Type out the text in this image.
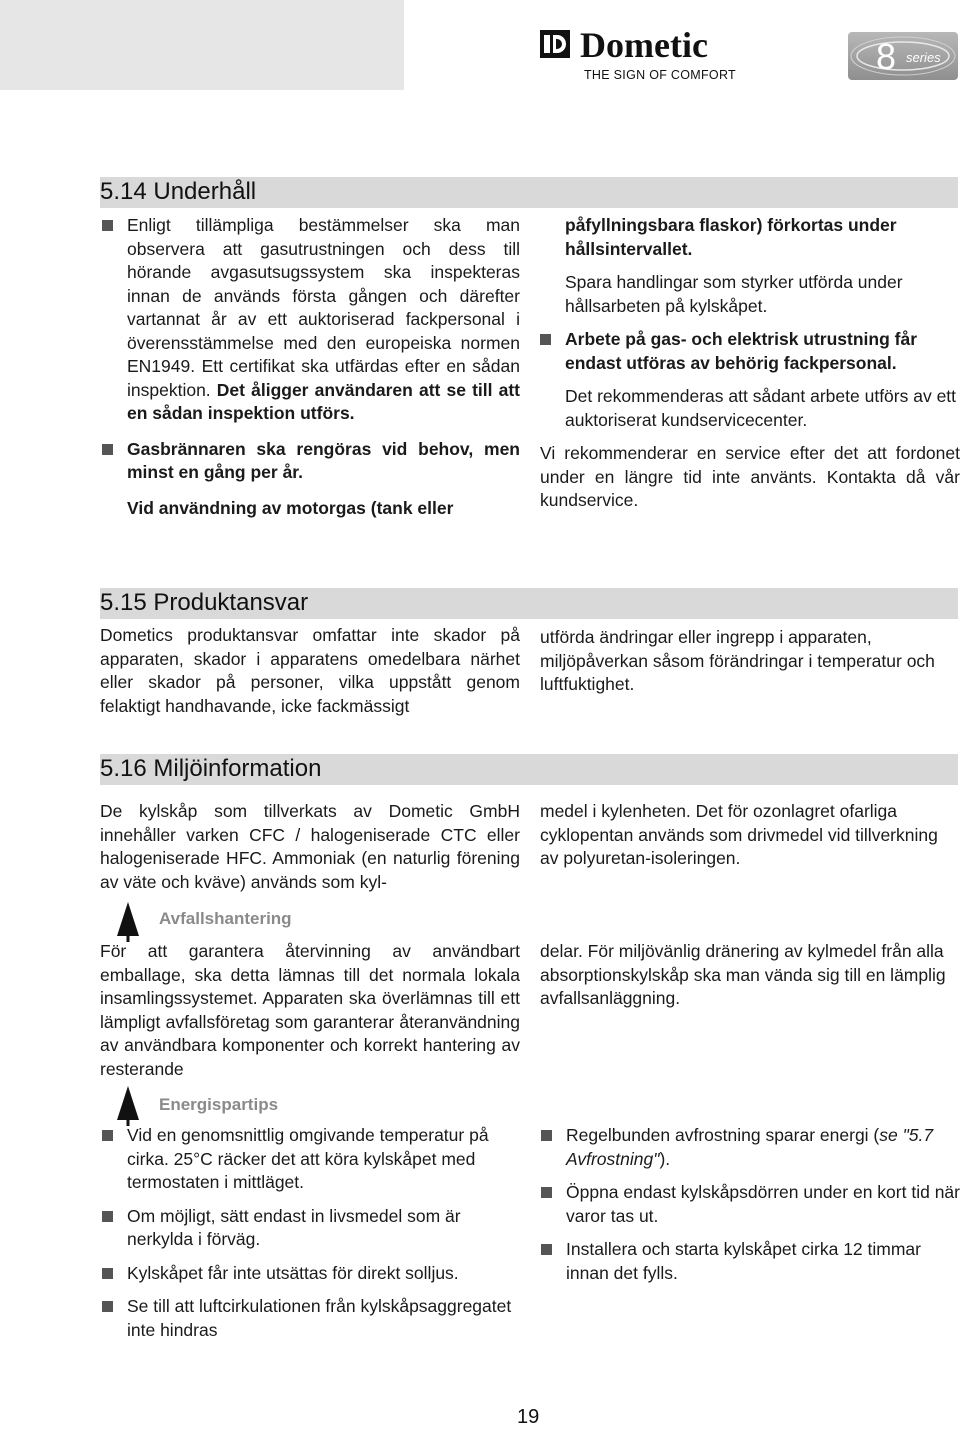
Dometic
THE SIGN OF COMFORT	8 series
5.14 Underhåll
Enligt tillämpliga bestämmelser ska man observera att gasutrustningen och dess till hörande avgasutsugssystem ska inspekteras innan de används första gången och därefter vartannat år av ett auktoriserad fackpersonal i överensstämmelse med den europeiska normen EN1949. Ett certifikat ska utfärdas efter en sådan inspektion. Det åligger användaren att se till att en sådan inspektion utförs.
Gasbrännaren ska rengöras vid behov, men minst en gång per år.
Vid användning av motorgas (tank eller
påfyllningsbara flaskor) förkortas under hållsintervallet.
Spara handlingar som styrker utförda under hållsarbeten på kylskåpet.
Arbete på gas- och elektrisk utrustning får endast utföras av behörig fackpersonal.
Det rekommenderas att sådant arbete utförs av ett auktoriserat kundservicecenter.
Vi rekommenderar en service efter det att fordonet under en längre tid inte använts. Kontakta då vår kundservice.
5.15 Produktansvar

Dometics produktansvar omfattar inte skador på apparaten, skador i apparatens omedelbara närhet eller skador på personer, vilka uppstått genom felaktigt handhavande, icke fackmässigt

utförda ändringar eller ingrepp i apparaten, miljöpåverkan såsom förändringar i temperatur och luftfuktighet.

5.16 Miljöinformation

De kylskåp som tillverkats av Dometic GmbH innehåller varken CFC / halogeniserade CTC eller halogeniserade HFC. Ammoniak (en naturlig förening av väte och kväve) används som kyl-

medel i kylenheten. Det för ozonlagret ofarliga cyklopentan används som drivmedel vid tillverkning av polyuretan-isoleringen.

Avfallshantering

För att garantera återvinning av användbart emballage, ska detta lämnas till det normala lokala insamlingssystemet. Apparaten ska överlämnas till ett lämpligt avfallsföretag som garanterar återanvändning av användbara komponenter och korrekt hantering av resterande

delar. För miljövänlig dränering av kylmedel från alla absorptionskylskåp ska man vända sig till en lämplig avfallsanläggning.

Energispartips
Vid en genomsnittlig omgivande temperatur på cirka. 25°C räcker det att köra kylskåpet med termostaten i mittläget.
Om möjligt, sätt endast in livsmedel som är nerkylda i förväg.
Kylskåpet får inte utsättas för direkt solljus.
Se till att luftcirkulationen från kylskåpsaggregatet inte hindras
Regelbunden avfrostning sparar energi (se "5.7 Avfrostning").
Öppna endast kylskåpsdörren under en kort tid när varor tas ut.
Installera och starta kylskåpet cirka 12 timmar innan det fylls.
19
